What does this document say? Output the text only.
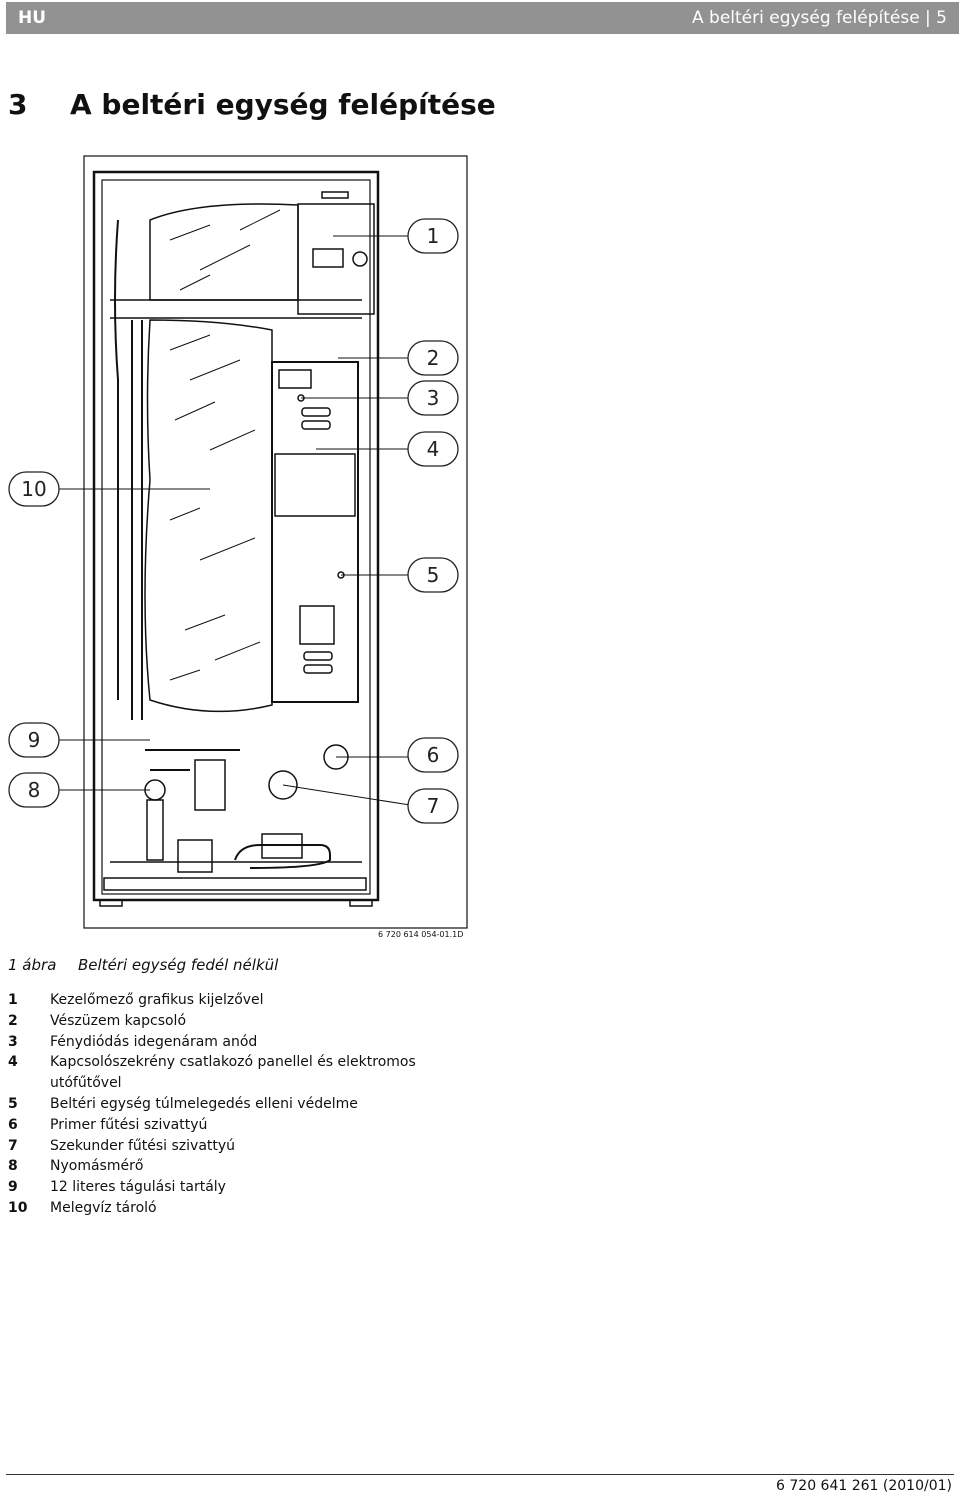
HU	A beltéri egység felépítése | 5
3 A beltéri egység felépítése
1
2
3
4
5
6
7
8
9
10
6 720 614 054-01.1D
1 ábra Beltéri egység fedél nélkül
1	Kezelőmező grafikus kijelzővel
2	Vészüzem kapcsoló
3	Fénydiódás idegenáram anód
4	Kapcsolószekrény csatlakozó panellel és elektromos utófűtővel
5	Beltéri egység túlmelegedés elleni védelme
6	Primer fűtési szivattyú
7	Szekunder fűtési szivattyú
8	Nyomásmérő
9	12 literes tágulási tartály
10	Melegvíz tároló
6 720 641 261 (2010/01)
